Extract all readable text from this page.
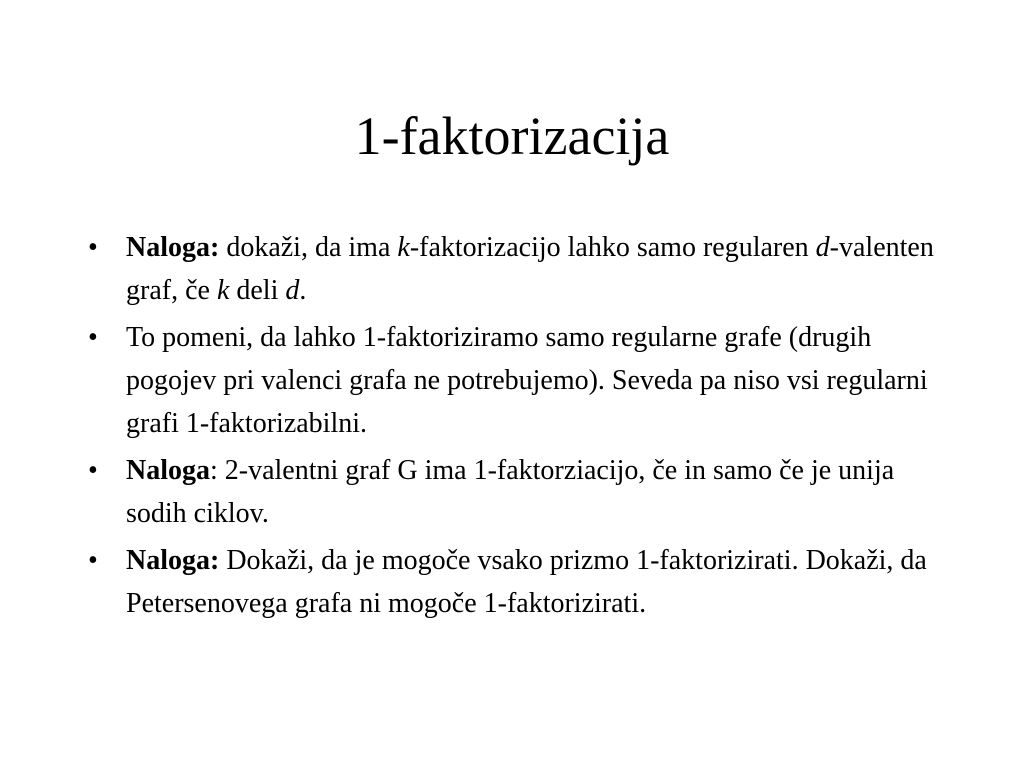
1-faktorizacija
• Naloga: dokaži, da ima k-faktorizacijo lahko samo regularen d-valenten graf, če k deli d.
• To pomeni, da lahko 1-faktoriziramo samo regularne grafe (drugih pogojev pri valenci grafa ne potrebujemo). Seveda pa niso vsi regularni grafi 1-faktorizabilni.
• Naloga: 2-valentni graf G ima 1-faktorziacijo, če in samo če je unija sodih ciklov.
• Naloga: Dokaži, da je mogoče vsako prizmo 1-faktorizirati. Dokaži, da Petersenovega grafa ni mogoče 1-faktorizirati.
